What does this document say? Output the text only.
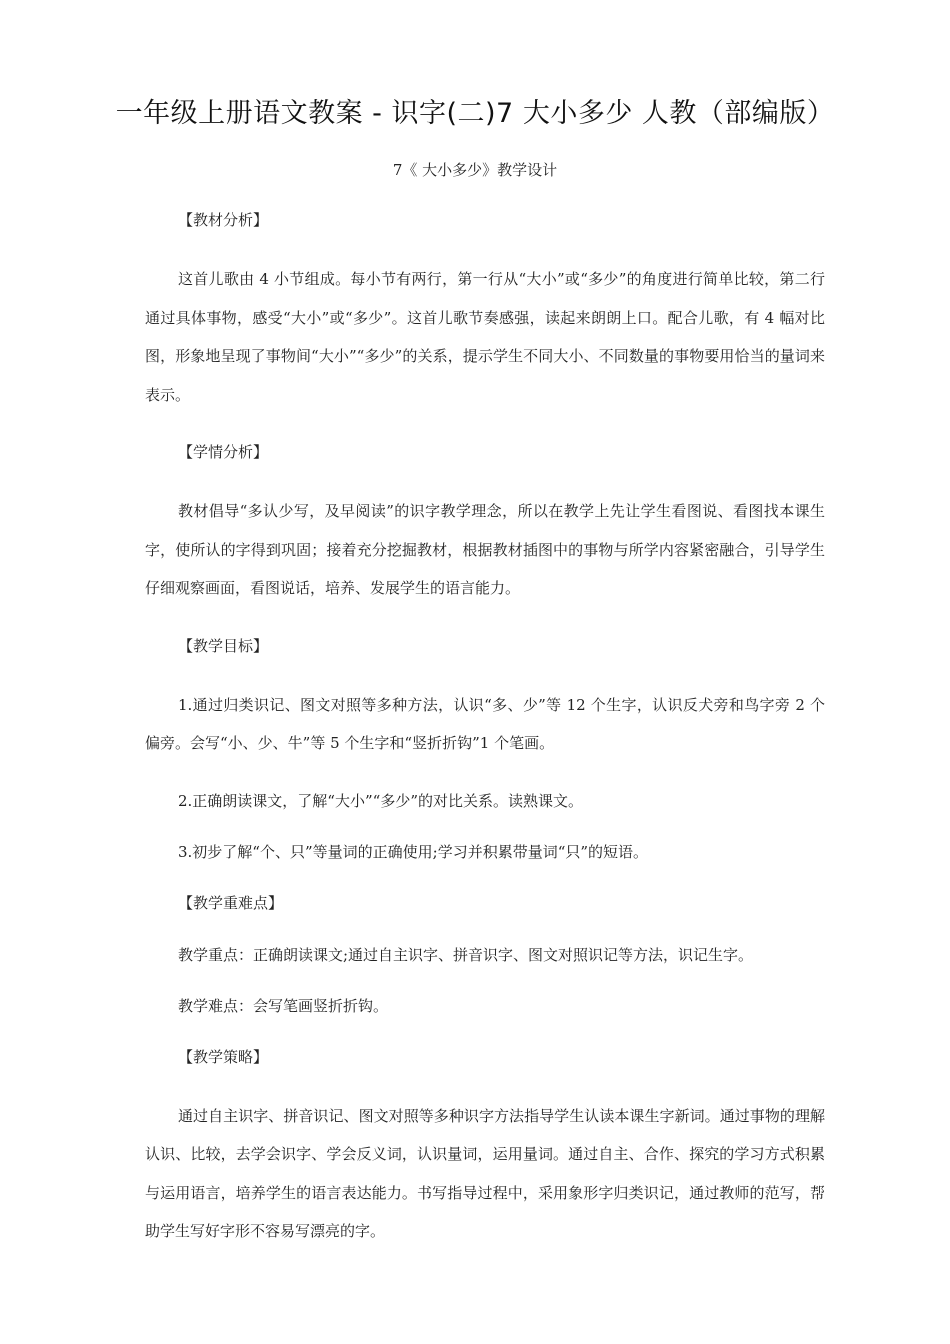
一年级上册语文教案 - 识字(二)7 大小多少 人教（部编版）
7《 大小多少》教学设计
【教材分析】

这首儿歌由 4 小节组成。每小节有两行，第一行从“大小”或“多少”的角度进行简单比较，第二行通过具体事物，感受“大小”或“多少”。这首儿歌节奏感强，读起来朗朗上口。配合儿歌，有 4 幅对比图，形象地呈现了事物间“大小”“多少”的关系，提示学生不同大小、不同数量的事物要用恰当的量词来表示。

【学情分析】

教材倡导“多认少写，及早阅读”的识字教学理念，所以在教学上先让学生看图说、看图找本课生字，使所认的字得到巩固；接着充分挖掘教材，根据教材插图中的事物与所学内容紧密融合，引导学生仔细观察画面，看图说话，培养、发展学生的语言能力。

【教学目标】

1.通过归类识记、图文对照等多种方法，认识“多、少”等 12 个生字，认识反犬旁和鸟字旁 2 个偏旁。会写“小、少、牛”等 5 个生字和“竖折折钩”1 个笔画。

2.正确朗读课文，了解“大小”“多少”的对比关系。读熟课文。
3.初步了解“个、只”等量词的正确使用;学习并积累带量词“只”的短语。
【教学重难点】
教学重点：正确朗读课文;通过自主识字、拼音识字、图文对照识记等方法，识记生字。
教学难点：会写笔画竖折折钩。
【教学策略】

通过自主识字、拼音识记、图文对照等多种识字方法指导学生认读本课生字新词。通过事物的理解认识、比较，去学会识字、学会反义词，认识量词，运用量词。通过自主、合作、探究的学习方式积累与运用语言，培养学生的语言表达能力。书写指导过程中，采用象形字归类识记，通过教师的范写，帮助学生写好字形不容易写漂亮的字。
